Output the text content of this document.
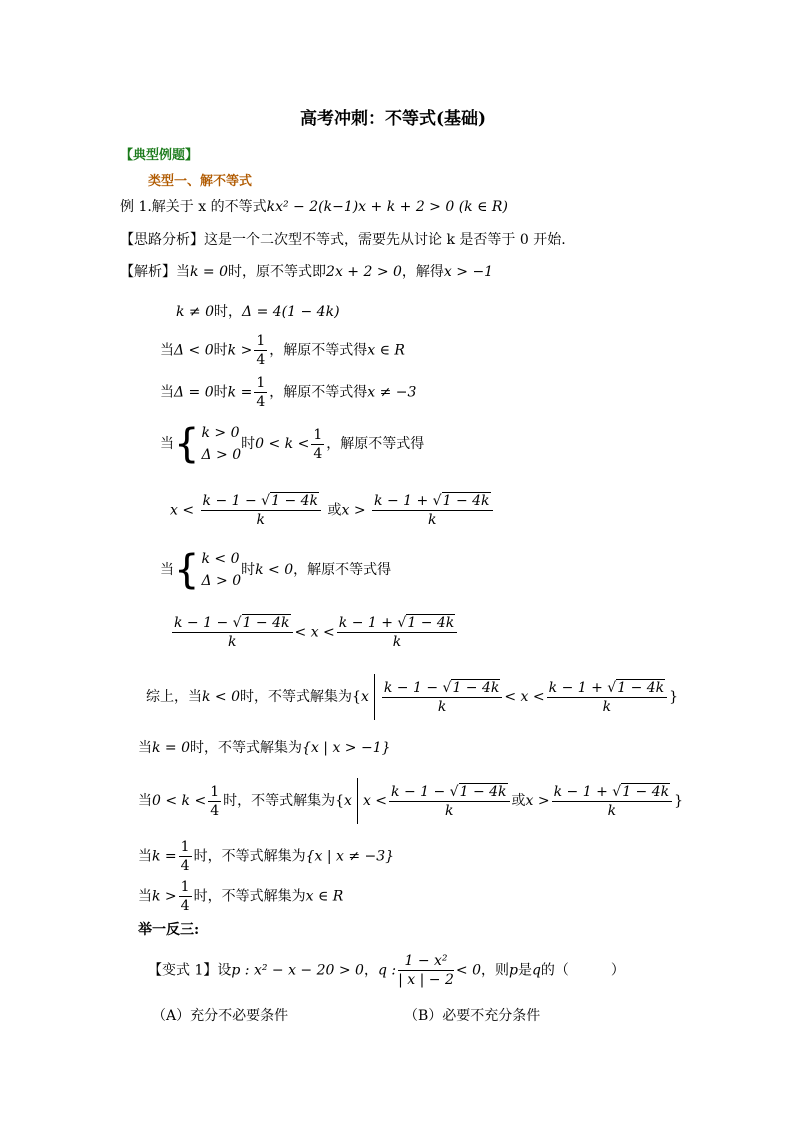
高考冲刺：不等式(基础)
【典型例题】
类型一、解不等式
例 1.解关于 x 的不等式kx² − 2(k−1)x + k + 2 > 0 (k ∈ R)
【思路分析】这是一个二次型不等式，需要先从讨论 k 是否等于 0 开始.
【解析】当k = 0时，原不等式即2x + 2 > 0，解得x > −1
k ≠ 0时，Δ = 4(1 − 4k)
当Δ < 0时$k > \frac{1}{4}$ ，解原不等式得x ∈ R
当Δ = 0时$k = \frac{1}{4}$ ，解原不等式得x ≠ −3
当{ k > 0
Δ > 0
时$0 < k < \frac{1}{4}$ ，解原不等式得
$x < \frac{k - 1 - √1 - 4k}{k}$ 或$x > \frac{k - 1 + √1 - 4k}{k}$
当{ k < 0
Δ > 0
时k < 0，解原不等式得
$\frac{k - 1 - √1 - 4k}{k} < x < \frac{k - 1 + √1 - 4k}{k}$
综上，当k < 0时，不等式解集为{$x \frac{k - 1 - √1 - 4k}{k} < x < \frac{k - 1 + √1 - 4k}{k}$ }
当k = 0时，不等式解集为{x | x > −1}
当$0 < k < \frac{1}{4}$ 时，不等式解集为{x $x < \frac{k - 1 - √1 - 4k}{k}$ 或$x > \frac{k - 1 + √1 - 4k}{k}$ }
当$k = \frac{1}{4}$ 时，不等式解集为{x | x ≠ −3}
当$k > \frac{1}{4}$ 时，不等式解集为x ∈ R
举一反三:
【变式 1】设p : x² − x − 20 > 0，q : $\frac{\text{1 − x²}}{| x | - 2} < 0$，则p是q的（　　　）
（A）充分不必要条件	（B）必要不充分条件
